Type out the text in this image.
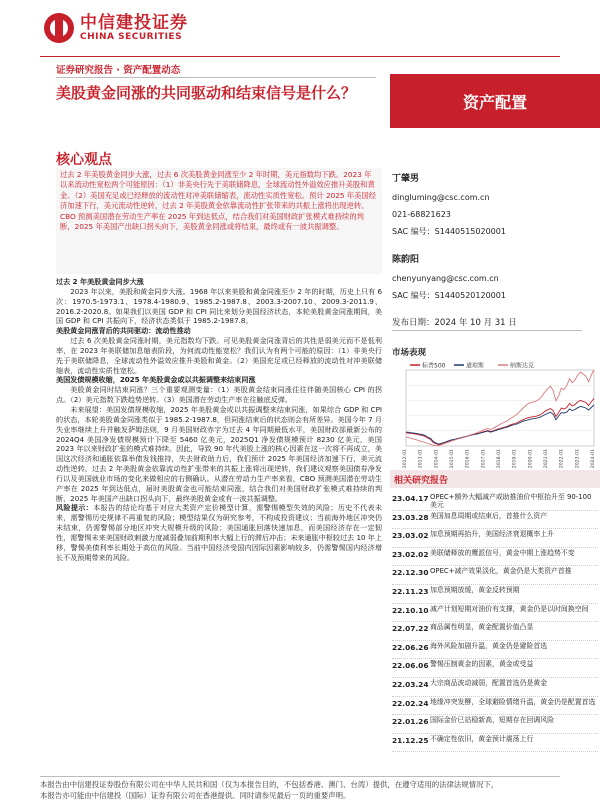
中信建投证券
CHINA SECURITIES
证券研究报告 · 资产配置动态
美股黄金同涨的共同驱动和结束信号是什么？	资产配置
核心观点
过去 2 年美股黄金同步大涨，过去 6 次美股黄金同涨至少 2 年时期，美元指数均下跌。2023 年以来流动性宽松两个可能原因：（1）非美央行先于美联储降息，全球流动性外溢效应推升美股和黄金。（2）美国充足或已经释放的流动性对冲美联储缩表，流动性实质性宽松。预计 2025 年美国经济加速下行，美元流动性逆转，过去 2 年美股黄金依靠流动性扩张带来的共振上涨将出现逆转。CBO 预测美国潜在劳动生产率在 2025 年到达低点，结合我们对美国财政扩张模式难持续的判断，2025 年美国产出缺口拐头向下，美股黄金同涨或将结束，最终或有一波共振调整。
过去 2 年美股黄金同步大涨

2023 年以来，美股和黄金同步大涨。1968 年以来美股和黄金同涨至少 2 年的时期，历史上只有 6 次：1970.5-1973.1、1978.4-1980.9、1985.2-1987.8、2003.3-2007.10、2009.3-2011.9、2016.2-2020.8。如果我们以美国 GDP 和 CPI 同比来划分美国经济状态，本轮美股黄金同涨期间，美国 GDP 和 CPI 共振向下，经济状态类似于 1985.2-1987.8。

美股黄金同涨背后的共同驱动：流动性推动

过去 6 次美股黄金同涨时期，美元指数均下跌。可见美股黄金同涨背后的共性是弱美元而不是低利率，在 2023 年美联储加息缩表阶段，为何流动性能宽松？我们认为有两个可能的原因：（1）非美央行先于美联储降息，全球流动性外溢效应推升美股和黄金。（2）美国充足或已经释放的流动性对冲美联储缩表，流动性实质性宽松。

美国发债规模收缩，2025 年美股黄金或以共振调整来结束同涨

美股黄金同时结束同涨？三个重要观测变量：（1）美股黄金结束同涨往往伴随美国核心 CPI 的拐点。（2）美元指数下跌趋势逆转。（3）美国潜在劳动生产率在往触底反弹。

未来展望：美国发债规模收缩，2025 年美股黄金或以共振调整来结束同涨，如果综合 GDP 和 CPI 的状态，本轮美股黄金同涨类似于 1985.2-1987.8，但同涨结束后的状态则会有所差异。美国今年 7 月失业率继续上升并触发萨姆法则，9 月美国财政赤字为过去 4 年同期最低水平，美国财政部最新公布的 2024Q4 美国净发债规模预计下降至 5460 亿美元，2025Q1 净发债规模预计 8230 亿美元，美国 2023 年以来财政扩张的模式难持续。因此，导致 90 年代美股上涨的核心因素在这一次将不再成立，美国这次经济和通胀依靠举债发钱推持，失去财政助力后，我们预计 2025 年美国经济加速下行，美元流动性逆转，过去 2 年美股黄金依靠流动性扩张带来的共振上涨将出现逆转，我们建议观察美国债券净发行以及美国就业市场的变化来做相应的右侧确认。从潜在劳动力生产率来看，CBO 预测美国潜在劳动生产率在 2025 年到达低点，届时美股黄金也可能结束同涨，结合我们对美国财政扩张模式难持续的判断，2025 年美国产出缺口拐头向下，最终美股黄金或有一波共振调整。

风险提示：本报告的结论均基于对应大类资产定价模型计算，需警惕模型失效的风险；历史不代表未来，需警惕历史规律不再重复的风险；模型结果仅为研究参考，不构成投资建议；当前海外地区冲突仍未结束，仍需警惕部分地区冲突大规模升级的风险；美国通胀回落快速加息，而美国经济存在一定韧性，需警惕未来美国财政刺激力度减弱叠加前期利率大幅上行的滞后冲击；未来通胀中枢较过去 10 年上移，警惕美债利率长期处于高位的风险。当前中国经济受国内因际因素影响较多，仍需警惕国内经济增长不及预期带来的风险。

丁肇男
dingluming@csc.com.cn
021-68821623
SAC 编号：S1440515020001
陈韵阳
chenyunyang@csc.com.cn
SAC 编号：S1440520120001
发布日期：2024 年 10 月 31 日
市场表现
标普500	道琼斯	纳斯达克
2012-01 2013-01 2014-01 2015-01 2016-01 2017-01 2018-01 2019-01 2020-01 2021-01 2022-01 2023-01 2024-01
相关研究报告
23.04.17 OPEC+额外大幅减产或助推油价中枢抬升至 90-100 美元
23.03.28 美国加息周期或结束后，首推什么资产
23.03.02 加息预期再抬升，美国经济衰退概率上升
23.02.02 美联储释放的鹰派信号，黄金中期上涨趋势不变
22.12.30 OPEC+减产效果淡化，黄金仍是大类资产首推
22.11.23 加息预期放缓，黄金反转预期
22.10.10 减产计划短期对油价有支撑，黄金仍是以时间换空间
22.07.22 商品属性明显，黄金配置价值凸显
22.06.26 海外风险加剧升温，黄金仍是避险首选
22.06.06 警惕压制黄金的因素，黄金或受益
22.03.24 大宗商品波动减弱，配置首选仍是黄金
22.02.24 地缘冲突发酵，全球避险情绪升温，黄金仍是配置首选
22.01.26 国际金价已站稳新高，短期存在回调风险
21.12.25 不确定性依旧，黄金预计震荡上行
本报告由中信建投证券股份有限公司在中华人民共和国（仅为本报告目的，不包括香港、澳门、台湾）提供，在遵守适用的法律法规情况下，
本报告亦可能由中信建投（国际）证券有限公司在香港提供。同时请参见最后一页的重要声明。
